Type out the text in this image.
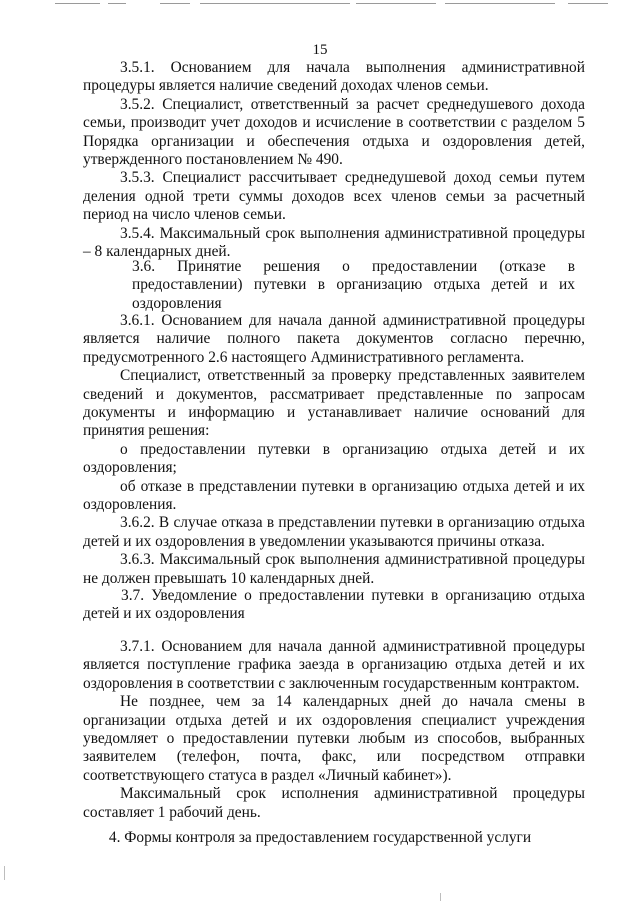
15

3.5.1. Основанием для начала выполнения административной процедуры является наличие сведений доходах членов семьи.

3.5.2. Специалист, ответственный за расчет среднедушевого дохода семьи, производит учет доходов и исчисление в соответствии с разделом 5 Порядка организации и обеспечения отдыха и оздоровления детей, утвержденного постановлением № 490.

3.5.3. Специалист рассчитывает среднедушевой доход семьи путем деления одной трети суммы доходов всех членов семьи за расчетный период на число членов семьи.

3.5.4. Максимальный срок выполнения административной процедуры – 8 календарных дней.

3.6. Принятие решения о предоставлении (отказе в предоставлении) путевки в организацию отдыха детей и их оздоровления

3.6.1. Основанием для начала данной административной процедуры является наличие полного пакета документов согласно перечню, предусмотренного 2.6 настоящего Административного регламента.

Специалист, ответственный за проверку представленных заявителем сведений и документов, рассматривает представленные по запросам документы и информацию и устанавливает наличие оснований для принятия решения:

о предоставлении путевки в организацию отдыха детей и их оздоровления;

об отказе в представлении путевки в организацию отдыха детей и их оздоровления.

3.6.2. В случае отказа в представлении путевки в организацию отдыха детей и их оздоровления в уведомлении указываются причины отказа.

3.6.3. Максимальный срок выполнения административной процедуры не должен превышать 10 календарных дней.

3.7. Уведомление о предоставлении путевки в организацию отдыха детей и их оздоровления

3.7.1. Основанием для начала данной административной процедуры является поступление графика заезда в организацию отдыха детей и их оздоровления в соответствии с заключенным государственным контрактом.

Не позднее, чем за 14 календарных дней до начала смены в организации отдыха детей и их оздоровления специалист учреждения уведомляет о предоставлении путевки любым из способов, выбранных заявителем (телефон, почта, факс, или посредством отправки соответствующего статуса в раздел «Личный кабинет»).

Максимальный срок исполнения административной процедуры составляет 1 рабочий день.

4. Формы контроля за предоставлением государственной услуги
